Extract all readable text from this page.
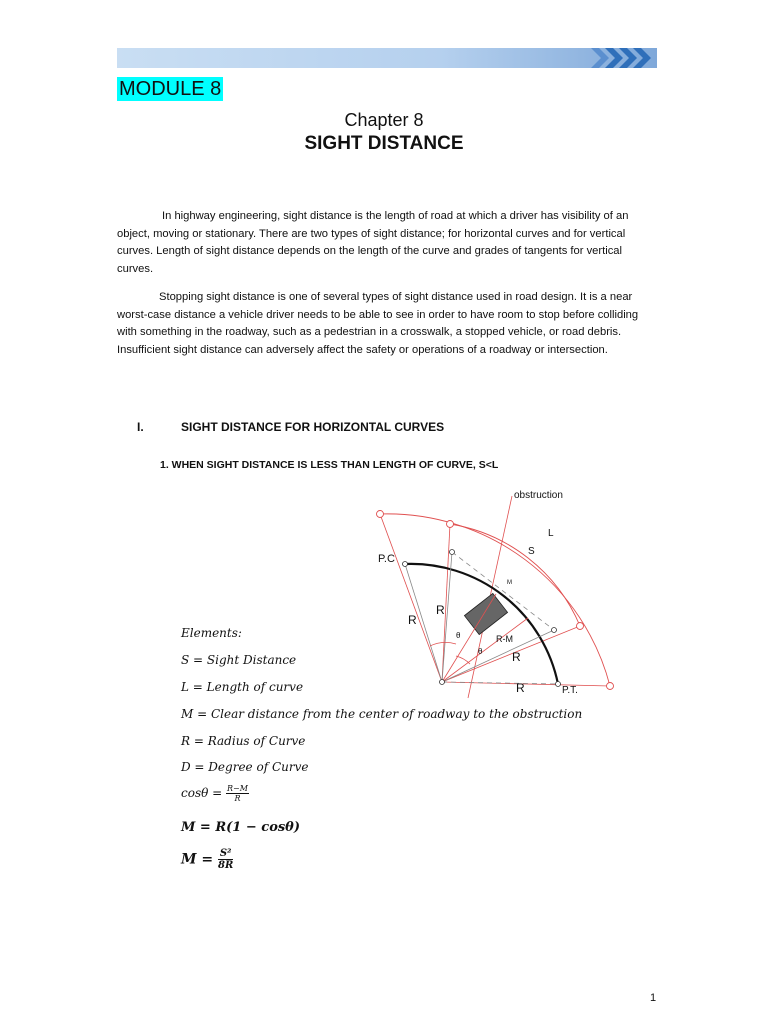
MODULE 8
Chapter 8
SIGHT DISTANCE
In highway engineering, sight distance is the length of road at which a driver has visibility of an object, moving or stationary. There are two types of sight distance; for horizontal curves and for vertical curves. Length of sight distance depends on the length of the curve and grades of tangents for vertical curves.
Stopping sight distance is one of several types of sight distance used in road design. It is a near worst-case distance a vehicle driver needs to be able to see in order to have room to stop before colliding with something in the roadway, such as a pedestrian in a crosswalk, a stopped vehicle, or road debris. Insufficient sight distance can adversely affect the safety or operations of a roadway or intersection.
I.	SIGHT DISTANCE FOR HORIZONTAL CURVES
1. WHEN SIGHT DISTANCE IS LESS THAN LENGTH OF CURVE, S<L
obstruction
L
S
P.C
P.T.
R
R
R
R
R-M
M
θ
θ
Elements:
S = Sight Distance
L = Length of curve
M = Clear distance from the center of roadway to the obstruction
R = Radius of Curve
D = Degree of Curve
$\cos\theta = \frac{R-M}{R}$
M = R(1 − cosθ)
$M = \frac{\text{S²}}{8R}$
1
